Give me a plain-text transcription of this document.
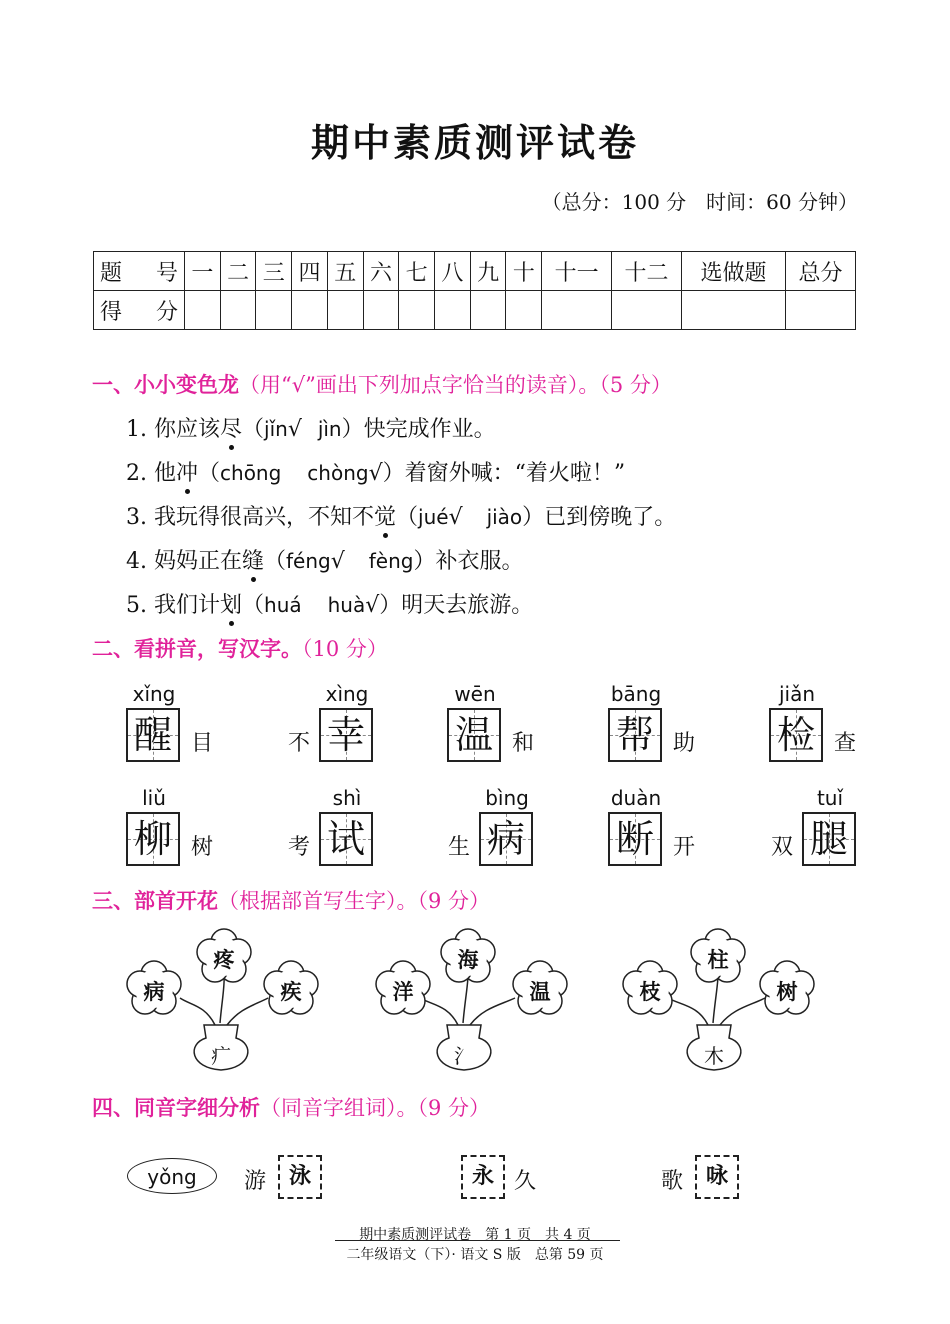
期中素质测评试卷
（总分：100 分　时间：60 分钟）
题号	一	二	三	四	五	六	七	八	九	十	十一	十二	选做题	总分
得分														
一、小小变色龙（用“√”画出下列加点字恰当的读音）。（5 分）
1. 你应该尽（jǐn√ jìn）快完成作业。
2. 他冲（chōng chòng√）着窗外喊：“着火啦！”
3. 我玩得很高兴，不知不觉（jué√ jiào）已到傍晚了。
4. 妈妈正在缝（féng√ fèng）补衣服。
5. 我们计划（huá huà√）明天去旅游。
二、看拼音，写汉字。（10 分）
xǐng
醒 目	不
xìng
幸
wēn
温 和
bāng
帮 助
jiǎn
检 查
liǔ
柳 树	考
shì
试	生
bìng
病
duàn
断 开	双
tuǐ
腿
三、部首开花（根据部首写生字）。（9 分）
病
疼
疾
疒
洋
海
温
氵
枝
柱
树
木
四、同音字细分析（同音字组词）。（9 分）
yǒng	游	泳	永 久	歌	咏
期中素质测评试卷　第 1 页　共 4 页
二年级语文（下）· 语文 S 版　总第 59 页
